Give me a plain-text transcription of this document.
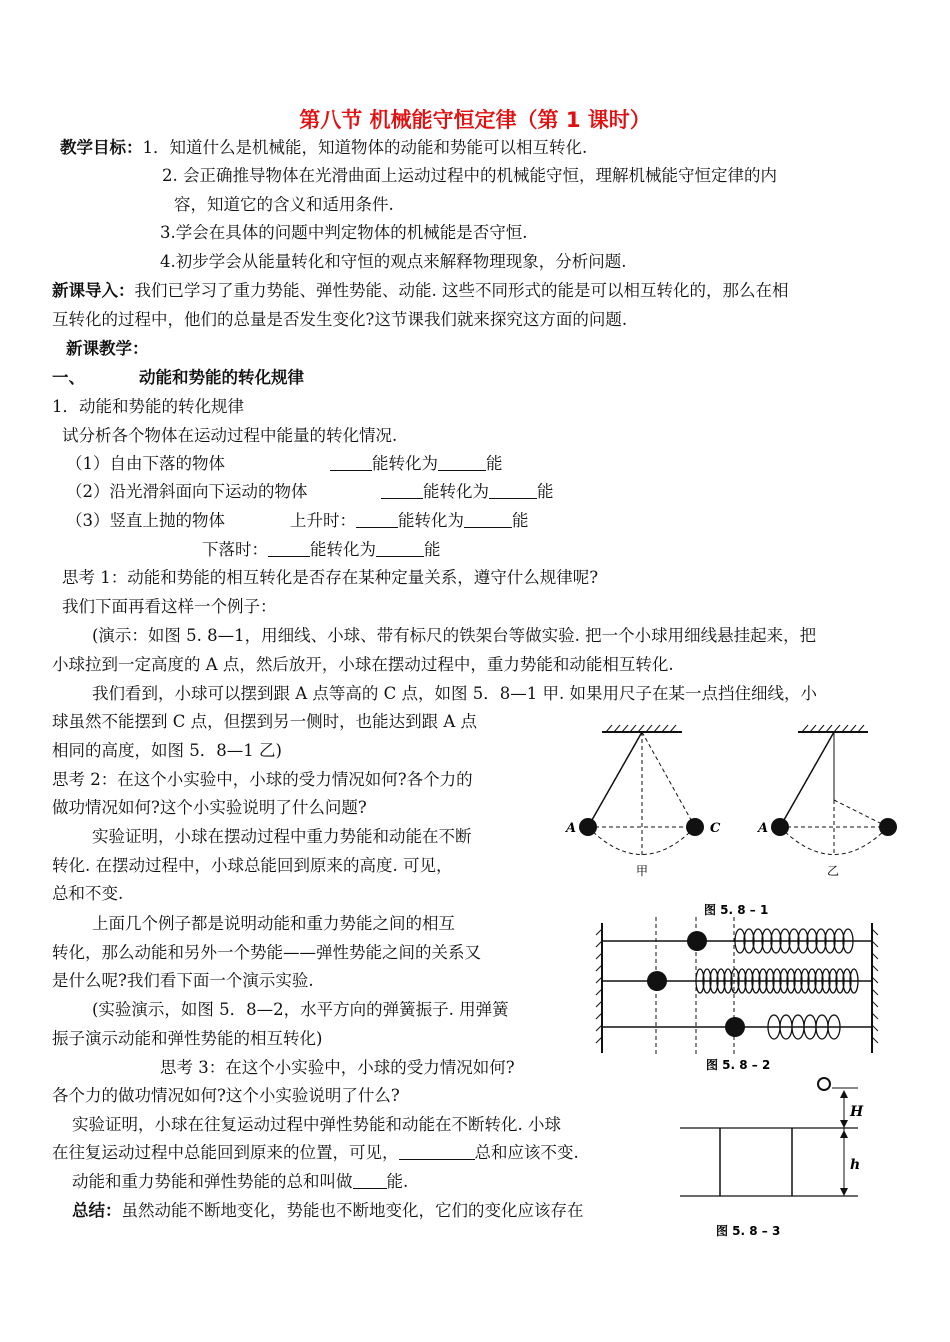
第八节 机械能守恒定律（第 1 课时）
教学目标：1．知道什么是机械能，知道物体的动能和势能可以相互转化.
2. 会正确推导物体在光滑曲面上运动过程中的机械能守恒，理解机械能守恒定律的内
容，知道它的含义和适用条件.
3.学会在具体的问题中判定物体的机械能是否守恒.
4.初步学会从能量转化和守恒的观点来解释物理现象，分析问题.
新课导入：我们已学习了重力势能、弹性势能、动能. 这些不同形式的能是可以相互转化的，那么在相
互转化的过程中，他们的总量是否发生变化?这节课我们就来探究这方面的问题.
新课教学：
一、	动能和势能的转化规律
1．动能和势能的转化规律
试分析各个物体在运动过程中能量的转化情况.
（1）自由下落的物体	能转化为	能
（2）沿光滑斜面向下运动的物体	能转化为	能
（3）竖直上抛的物体	上升时：	能转化为	能
下落时：	能转化为	能
思考 1：动能和势能的相互转化是否存在某种定量关系，遵守什么规律呢?
我们下面再看这样一个例子：
(演示：如图 5. 8—1，用细线、小球、带有标尺的铁架台等做实验. 把一个小球用细线悬挂起来，把
小球拉到一定高度的 A 点，然后放开，小球在摆动过程中，重力势能和动能相互转化.
我们看到，小球可以摆到跟 A 点等高的 C 点，如图 5．8—1 甲. 如果用尺子在某一点挡住细线，小
球虽然不能摆到 C 点，但摆到另一侧时，也能达到跟 A 点
相同的高度，如图 5．8—1 乙)
思考 2：在这个小实验中，小球的受力情况如何?各个力的
做功情况如何?这个小实验说明了什么问题?
实验证明，小球在摆动过程中重力势能和动能在不断
转化. 在摆动过程中，小球总能回到原来的高度. 可见，
总和不变.
上面几个例子都是说明动能和重力势能之间的相互
转化，那么动能和另外一个势能——弹性势能之间的关系又
是什么呢?我们看下面一个演示实验.
(实验演示，如图 5．8—2，水平方向的弹簧振子. 用弹簧
振子演示动能和弹性势能的相互转化)
思考 3：在这个小实验中，小球的受力情况如何?
各个力的做功情况如何?这个小实验说明了什么?
实验证明，小球在往复运动过程中弹性势能和动能在不断转化. 小球
在往复运动过程中总能回到原来的位置，可见，	总和应该不变.
动能和重力势能和弹性势能的总和叫做 能.
总结：虽然动能不断地变化，势能也不断地变化，它们的变化应该存在
A	C
甲
A
乙
图 5. 8 – 1
图 5. 8 – 2
H
h
图 5. 8 – 3
